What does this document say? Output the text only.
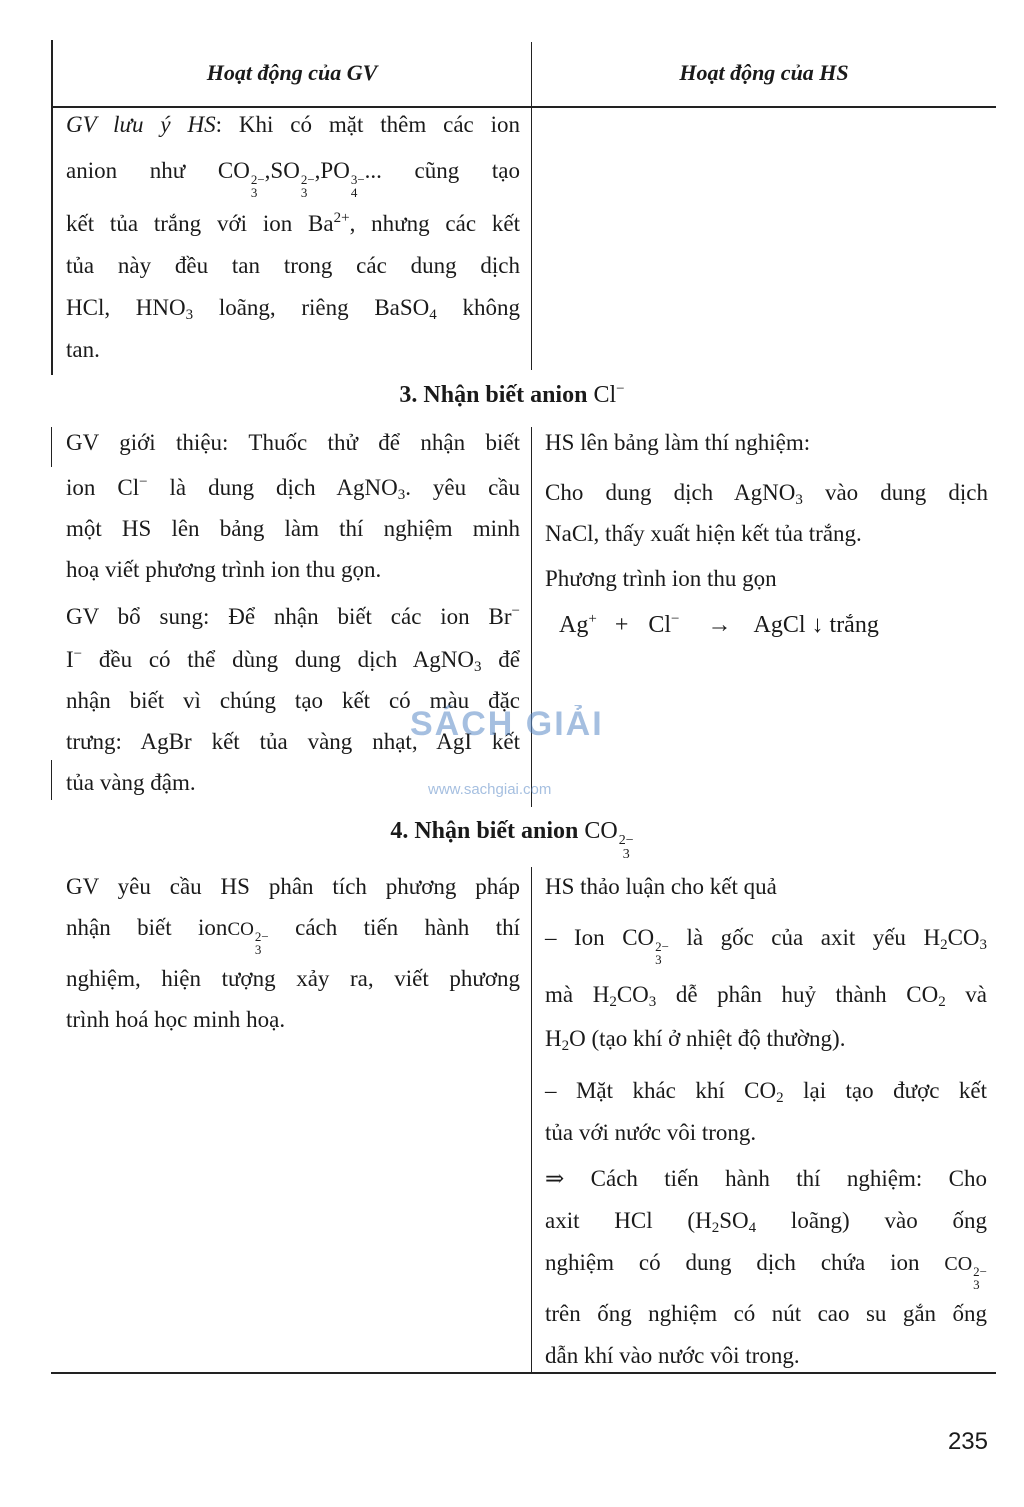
Hoạt động của GV	Hoạt động của HS
GV lưu ý HS: Khi có mặt thêm các ion
anion như CO 2−
3
,SO 2−
3
,PO 3−
4
... cũng tạo
kết tủa trắng với ion $Ba^{2+}$, nhưng các kết
tủa này đều tan trong các dung dịch
HCl, $HNO_3$ loãng, riêng BaSO$_4$ không
tan.
3. Nhận biết anion Cl−
GV giới thiệu: Thuốc thử để nhận biết
ion Cl− là dung dịch AgNO$_3$. yêu cầu
một HS lên bảng làm thí nghiệm minh
hoạ viết phương trình ion thu gọn.
GV bổ sung: Để nhận biết các ion Br−
I− đều có thể dùng dung dịch AgNO$_3$ để
nhận biết vì chúng tạo kết có màu đặc
trưng: AgBr kết tủa vàng nhạt, AgI kết
tủa vàng đậm.
HS lên bảng làm thí nghiệm:
Cho dung dịch AgNO$_3$ vào dung dịch
NaCl, thấy xuất hiện kết tủa trắng.
Phương trình ion thu gọn
Ag+ + Cl− → AgCl ↓ trắng
4. Nhận biết anion CO 2−
3
GV yêu cầu HS phân tích phương pháp
nhận biết ionCO 2−
3
cách tiến hành thí
nghiệm, hiện tượng xảy ra, viết phương
trình hoá học minh hoạ.
HS thảo luận cho kết quả
– Ion CO 2−
3
là gốc của axit yếu $H_2CO_3$
mà $H_2CO_3$ dễ phân huỷ thành $CO_2$ và
$H_2O$ (tạo khí ở nhiệt độ thường).
– Mặt khác khí $CO_2$ lại tạo được kết
tủa với nước vôi trong.
⇒ Cách tiến hành thí nghiệm: Cho
axit HCl ($H_2SO_4$ loãng) vào ống
nghiệm có dung dịch chứa ion CO 2−
3
trên ống nghiệm có nút cao su gắn ống
dẫn khí vào nước vôi trong.
SÁCH GIẢI
www.sachgiai.com
235
